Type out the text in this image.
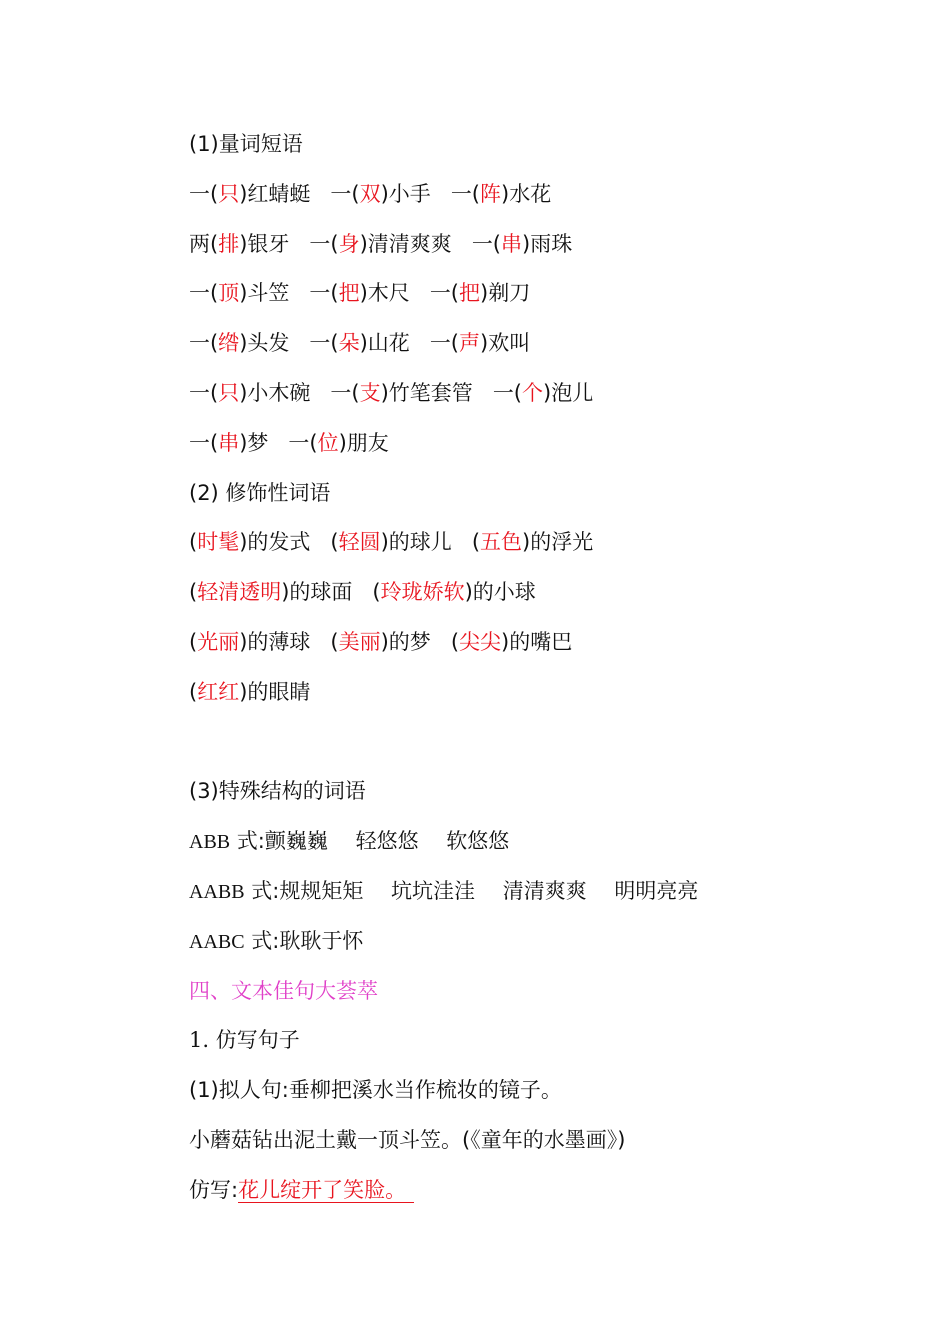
(1)量词短语
一(只)红蜻蜓 一(双)小手 一(阵)水花
两(排)银牙 一(身)清清爽爽 一(串)雨珠
一(顶)斗笠 一(把)木尺 一(把)剃刀
一(绺)头发 一(朵)山花 一(声)欢叫
一(只)小木碗 一(支)竹笔套管 一(个)泡儿
一(串)梦 一(位)朋友
(2) 修饰性词语
(时髦)的发式 (轻圆)的球儿 (五色)的浮光
(轻清透明)的球面 (玲珑娇软)的小球
(光丽)的薄球 (美丽)的梦 (尖尖)的嘴巴
(红红)的眼睛
(3)特殊结构的词语
ABB 式:颤巍巍　 轻悠悠　 软悠悠
AABB 式:规规矩矩　 坑坑洼洼　 清清爽爽　 明明亮亮
AABC 式:耿耿于怀
四、文本佳句大荟萃
1. 仿写句子
(1)拟人句:垂柳把溪水当作梳妆的镜子。
小蘑菇钻出泥土戴一顶斗笠。(《童年的水墨画》)
仿写:花儿绽开了笑脸。
